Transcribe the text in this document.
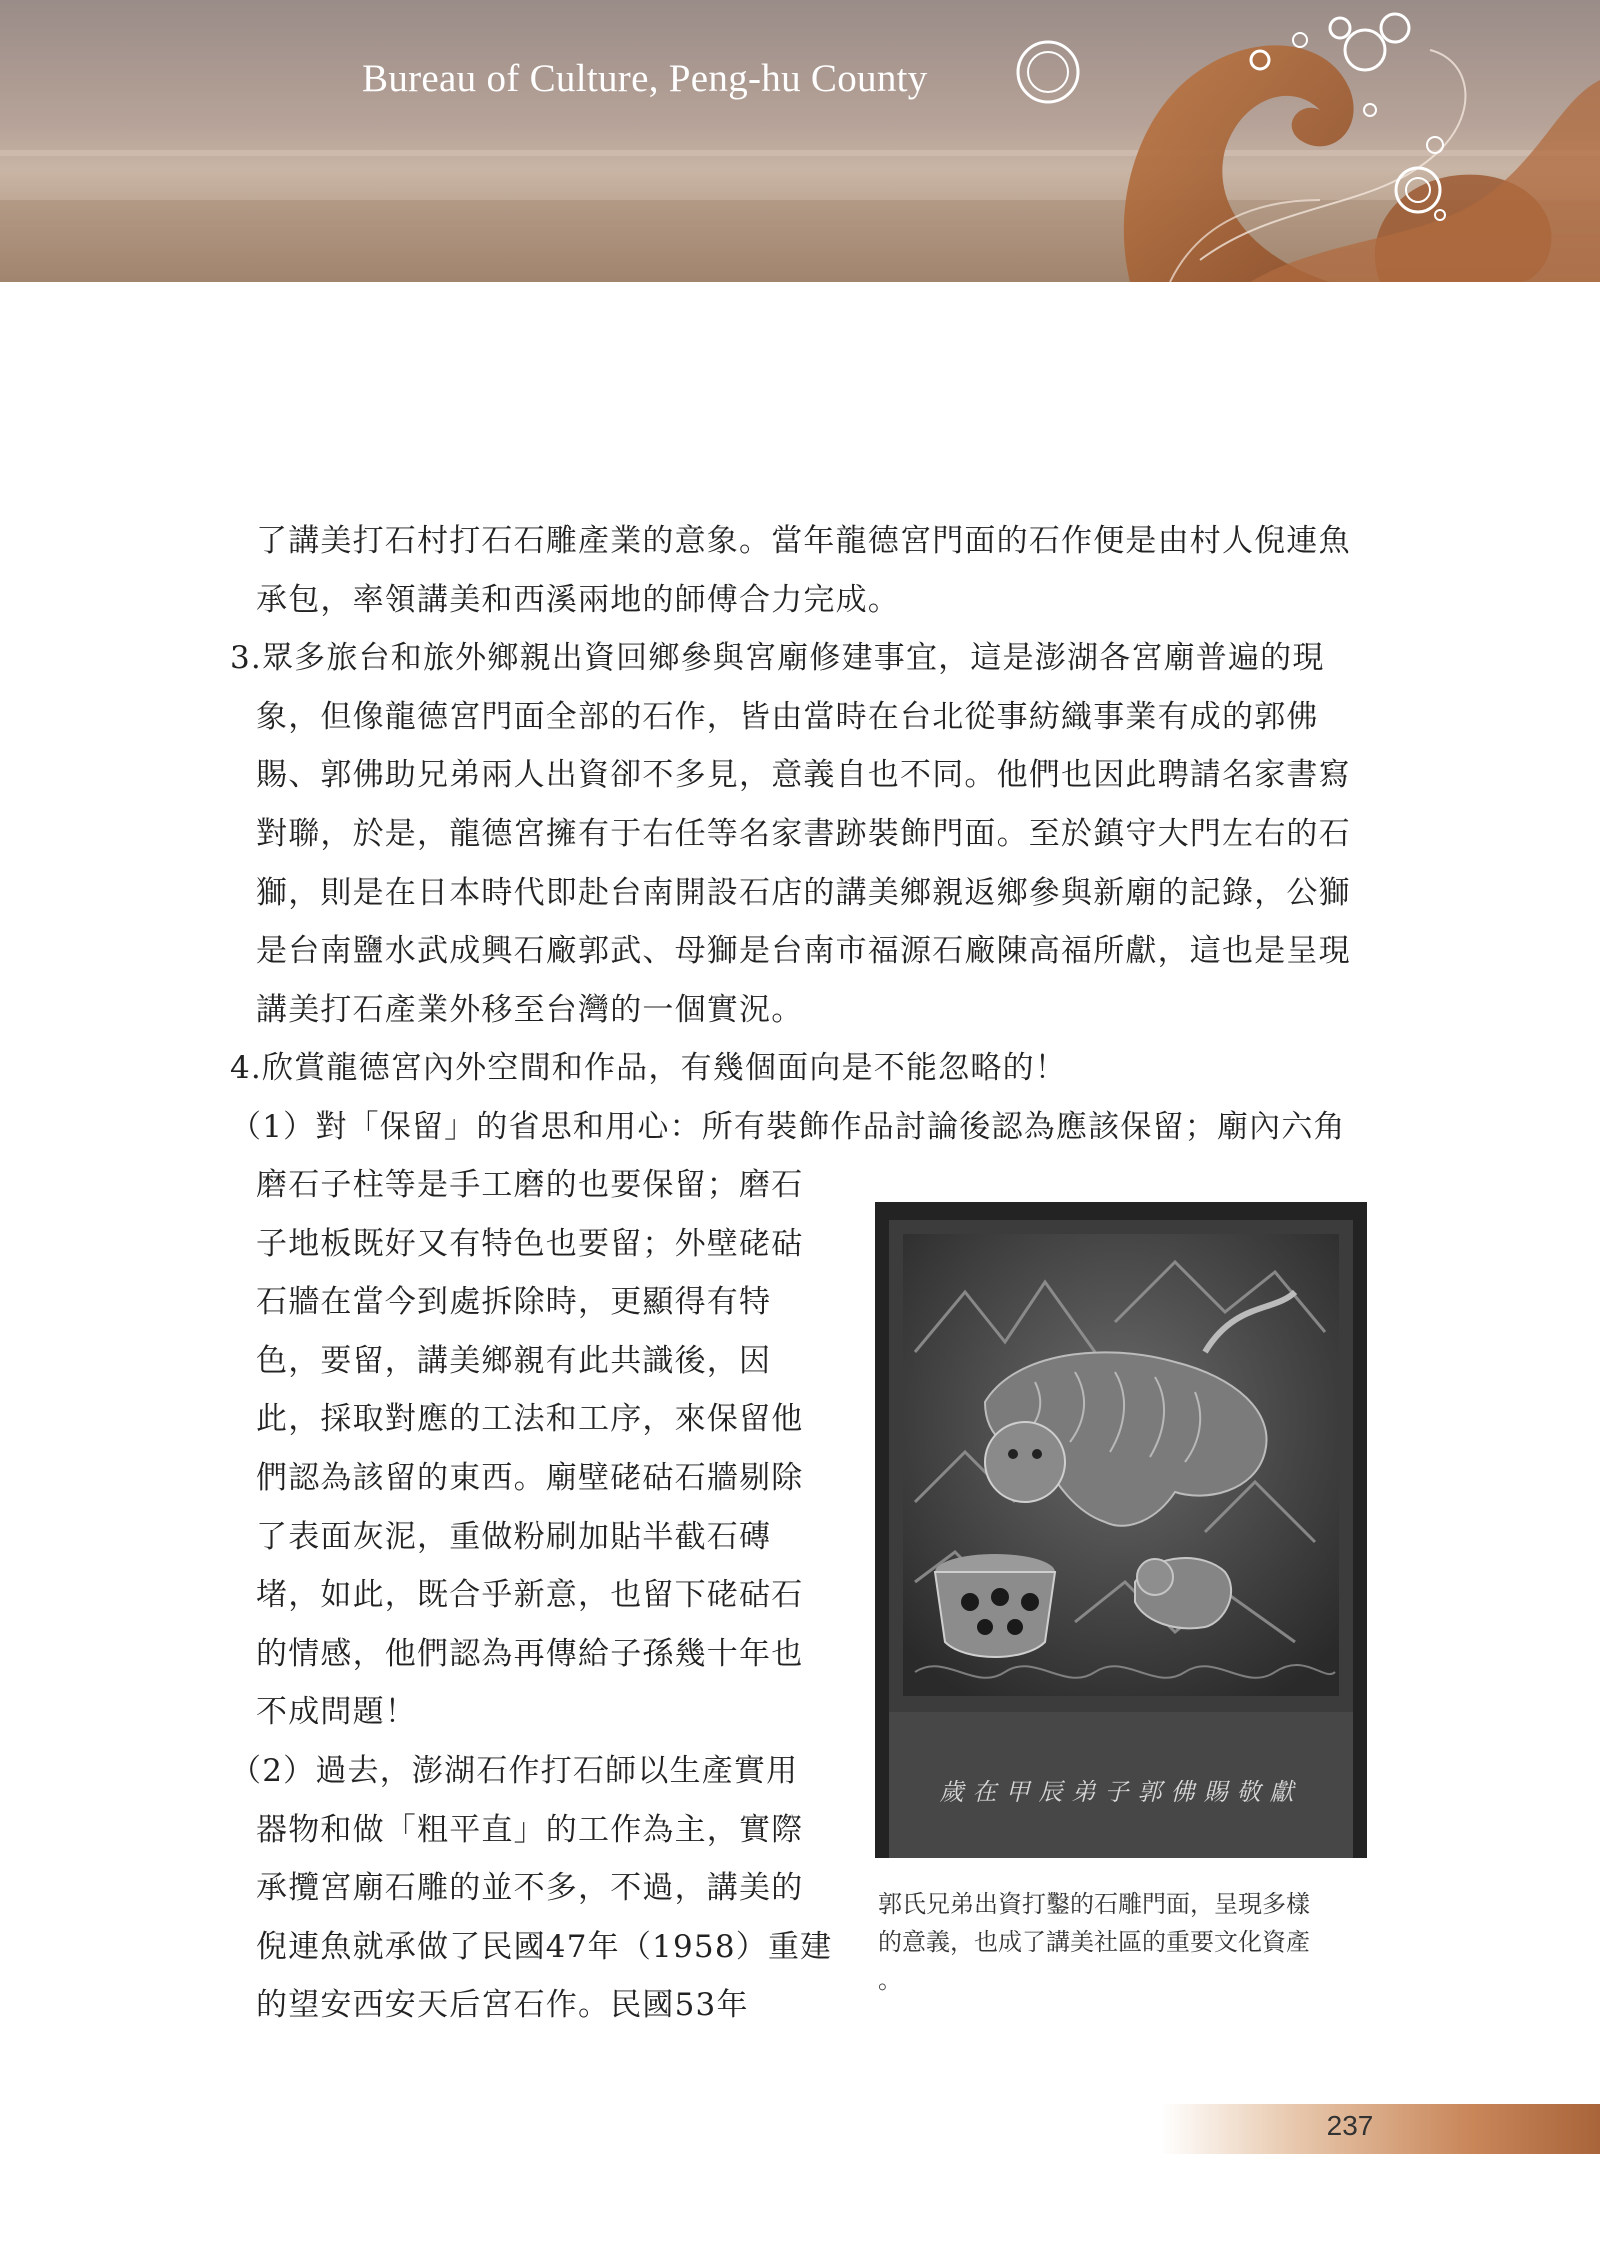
Bureau of Culture, Peng-hu County
了講美打石村打石石雕產業的意象。當年龍德宮門面的石作便是由村人倪連魚
承包，率領講美和西溪兩地的師傅合力完成。
3.眾多旅台和旅外鄉親出資回鄉參與宮廟修建事宜，這是澎湖各宮廟普遍的現
象，但像龍德宮門面全部的石作，皆由當時在台北從事紡織事業有成的郭佛
賜、郭佛助兄弟兩人出資卻不多見，意義自也不同。他們也因此聘請名家書寫
對聯，於是，龍德宮擁有于右任等名家書跡裝飾門面。至於鎮守大門左右的石
獅，則是在日本時代即赴台南開設石店的講美鄉親返鄉參與新廟的記錄，公獅
是台南鹽水武成興石廠郭武、母獅是台南市福源石廠陳高福所獻，這也是呈現
講美打石產業外移至台灣的一個實況。
4.欣賞龍德宮內外空間和作品，有幾個面向是不能忽略的！
（1）對「保留」的省思和用心：所有裝飾作品討論後認為應該保留；廟內六角
磨石子柱等是手工磨的也要保留；磨石
子地板既好又有特色也要留；外壁硓𥑮
石牆在當今到處拆除時，更顯得有特
色，要留，講美鄉親有此共識後，因
此，採取對應的工法和工序，來保留他
們認為該留的東西。廟壁硓𥑮石牆剔除
了表面灰泥，重做粉刷加貼半截石磚
堵，如此，既合乎新意，也留下硓𥑮石
的情感，他們認為再傳給子孫幾十年也
不成問題！
（2）過去，澎湖石作打石師以生產實用
器物和做「粗平直」的工作為主，實際
承攬宮廟石雕的並不多，不過，講美的
倪連魚就承做了民國47年（1958）重建
的望安西安天后宮石作。民國53年
歲在甲辰弟子郭佛賜敬獻
郭氏兄弟出資打鑿的石雕門面，呈現多樣
的意義，也成了講美社區的重要文化資產
。
237
